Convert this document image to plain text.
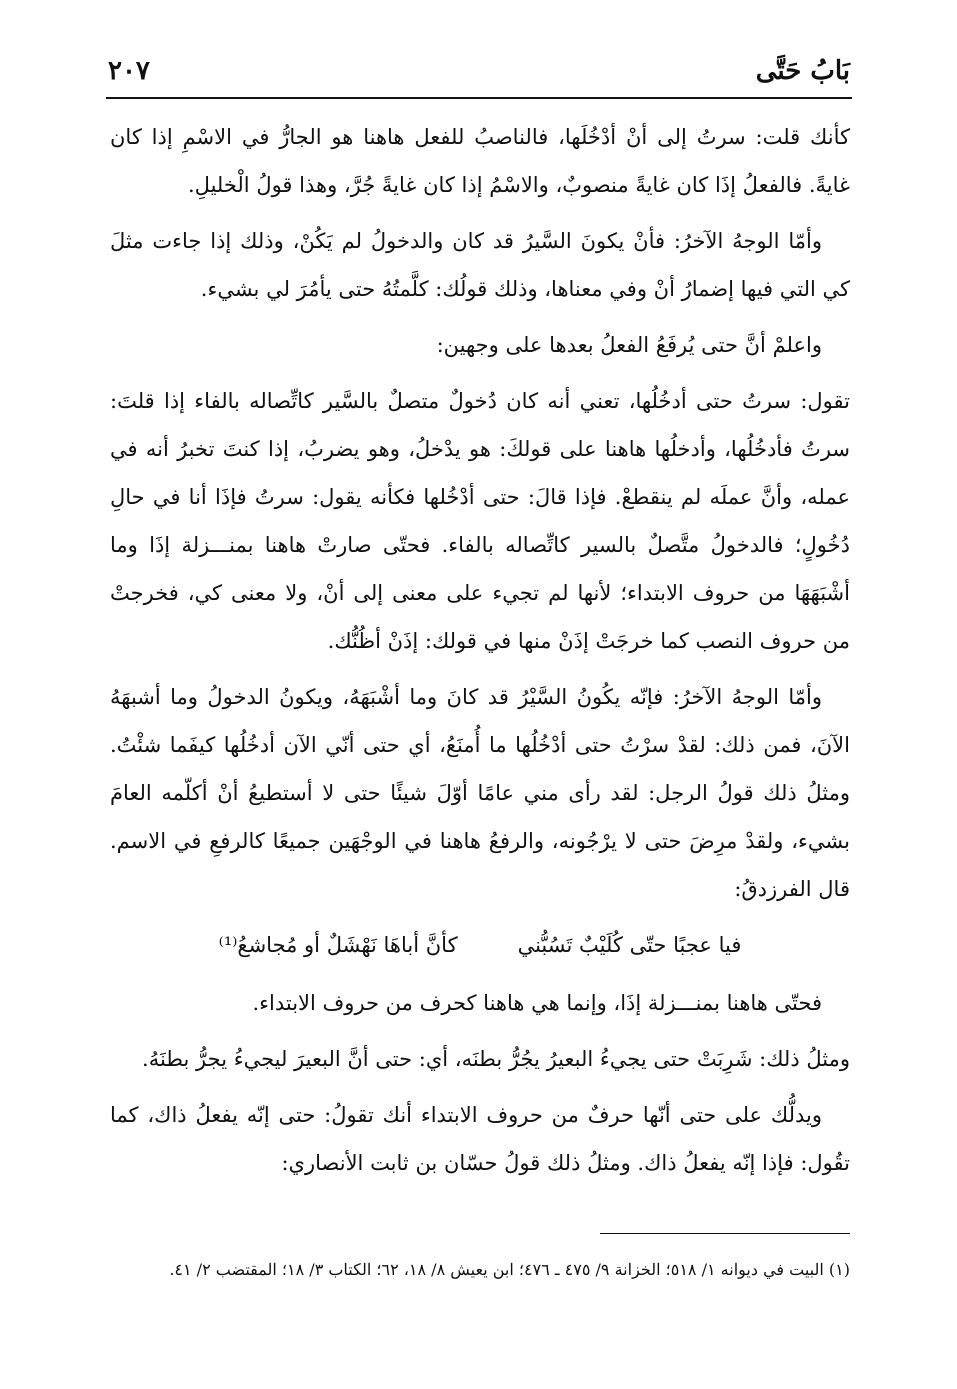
٢٠٧	بَابُ حَتَّى

كأنك قلت: سرتُ إلى أنْ أدْخُلَها، فالناصبُ للفعل هاهنا هو الجارُّ في الاسْمِ إذا كان غايةً. فالفعلُ إذَا كان غايةً منصوبٌ، والاسْمُ إذا كان غايةً جُرَّ، وهذا قولُ الْخليلِ.

وأمّا الوجهُ الآخرُ: فأنْ يكونَ السَّيرُ قد كان والدخولُ لم يَكُنْ، وذلك إذا جاءت مثلَ كي التي فيها إضمارُ أنْ وفي معناها، وذلك قولُك: كلَّمتُهُ حتى يأمُرَ لي بشيء.

واعلمْ أنَّ حتى يُرفَعُ الفعلُ بعدها على وجهين:

تقول: سرتُ حتى أدخُلُها، تعني أنه كان دُخولٌ متصلٌ بالسَّير كاتِّصاله بالفاء إذا قلتَ: سرتُ فأدخُلُها، وأدخلُها هاهنا على قولكَ: هو يدْخلُ، وهو يضربُ، إذا كنتَ تخبرُ أنه في عمله، وأنَّ عملَه لم ينقطعْ. فإذا قالَ: حتى أدْخُلها فكأنه يقول: سرتُ فإذَا أنا في حالِ دُخُولٍ؛ فالدخولُ متَّصلٌ بالسير كاتِّصاله بالفاء. فحتّى صارتْ هاهنا بمنـــزلة إذَا وما أشْبَهَهَا من حروف الابتداء؛ لأنها لم تجيء على معنى إلى أنْ، ولا معنى كي، فخرجتْ من حروف النصب كما خرجَتْ إذَنْ منها في قولك: إذَنْ أظُنُّك.

وأمّا الوجهُ الآخرُ: فإنّه يكُونُ السَّيْرُ قد كانَ وما أشْبَهَهُ، ويكونُ الدخولُ وما أشبهَهُ الآنَ، فمن ذلك: لقدْ سرْتُ حتى أدْخُلُها ما أُمنَعُ، أي حتى أنّي الآن أدخُلُها كيفَما شئْتُ. ومثلُ ذلك قولُ الرجل: لقد رأى مني عامًا أوّلَ شيئًا حتى لا أستطيعُ أنْ أكلّمه العامَ بشيء، ولقدْ مرِضَ حتى لا يرْجُونه، والرفعُ هاهنا في الوجْهَين جميعًا كالرفعِ في الاسم. قال الفرزدقُ:

فيا عجبًا حتّى كُلَيْبٌ تَسُبُّني
كأنَّ أباهَا نَهْشَلٌ أو مُجاشعُ⁽¹⁾

فحتّى هاهنا بمنـــزلة إذَا، وإنما هي هاهنا كحرف من حروف الابتداء.

ومثلُ ذلك: شَرِبَتْ حتى يجيءُ البعيرُ يجُرُّ بطنَه، أي: حتى أنَّ البعيرَ ليجيءُ يجرُّ بطنَهُ.

ويدلُّك على حتى أنّها حرفٌ من حروف الابتداء أنك تقولُ: حتى إنّه يفعلُ ذاك، كما تقُول: فإذا إنّه يفعلُ ذاك. ومثلُ ذلك قولُ حسّان بن ثابت الأنصاري:

(١) البيت في ديوانه ١/ ٥١٨؛ الخزانة ٩/ ٤٧٥ ـ ٤٧٦؛ ابن يعيش ٨/ ١٨، ٦٢؛ الكتاب ٣/ ١٨؛ المقتضب ٢/ ٤١.
